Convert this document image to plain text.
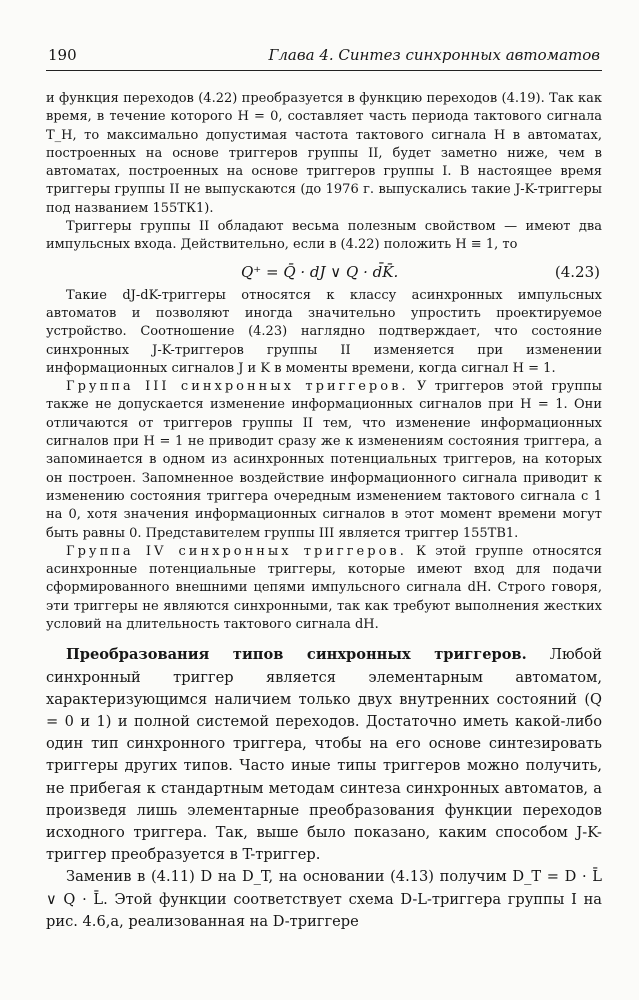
190	Глава 4. Синтез синхронных автоматов

и функция переходов (4.22) преобразуется в функцию переходов (4.19). Так как время, в течение которого H = 0, составляет часть периода тактового сигнала T_H, то максимально допустимая частота тактового сигнала H в автоматах, построенных на основе триггеров группы II, будет заметно ниже, чем в автоматах, построенных на основе триггеров группы I. В настоящее время триггеры группы II не выпускаются (до 1976 г. выпускались такие J-K-триггеры под названием 155ТК1).

Триггеры группы II обладают весьма полезным свойством — имеют два импульсных входа. Действительно, если в (4.22) положить H ≡ 1, то

Q⁺ = Q̄ · dJ ∨ Q · d̄K̄.	(4.23)

Такие dJ-dK-триггеры относятся к классу асинхронных импульсных автоматов и позволяют иногда значительно упростить проектируемое устройство. Соотношение (4.23) наглядно подтверждает, что состояние синхронных J-K-триггеров группы II изменяется при изменении информационных сигналов J и K в моменты времени, когда сигнал H = 1.

Группа III синхронных триггеров. У триггеров этой группы также не допускается изменение информационных сигналов при H = 1. Они отличаются от триггеров группы II тем, что изменение информационных сигналов при H = 1 не приводит сразу же к изменениям состояния триггера, а запоминается в одном из асинхронных потенциальных триггеров, на которых он построен. Запомненное воздействие информационного сигнала приводит к изменению состояния триггера очередным изменением тактового сигнала с 1 на 0, хотя значения информационных сигналов в этот момент времени могут быть равны 0. Представителем группы III является триггер 155ТВ1.

Группа IV синхронных триггеров. К этой группе относятся асинхронные потенциальные триггеры, которые имеют вход для подачи сформированного внешними цепями импульсного сигнала dH. Строго говоря, эти триггеры не являются синхронными, так как требуют выполнения жестких условий на длительность тактового сигнала dH.

Преобразования типов синхронных триггеров. Любой синхронный триггер является элементарным автоматом, характеризующимся наличием только двух внутренних состояний (Q = 0 и 1) и полной системой переходов. Достаточно иметь какой-либо один тип синхронного триггера, чтобы на его основе синтезировать триггеры других типов. Часто иные типы триггеров можно получить, не прибегая к стандартным методам синтеза синхронных автоматов, а произведя лишь элементарные преобразования функции переходов исходного триггера. Так, выше было показано, каким способом J-K-триггер преобразуется в T-триггер.

Заменив в (4.11) D на D_T, на основании (4.13) получим D_T = D · L̄ ∨ Q · L̄. Этой функции соответствует схема D-L-триггера группы I на рис. 4.6,а, реализованная на D-триггере
